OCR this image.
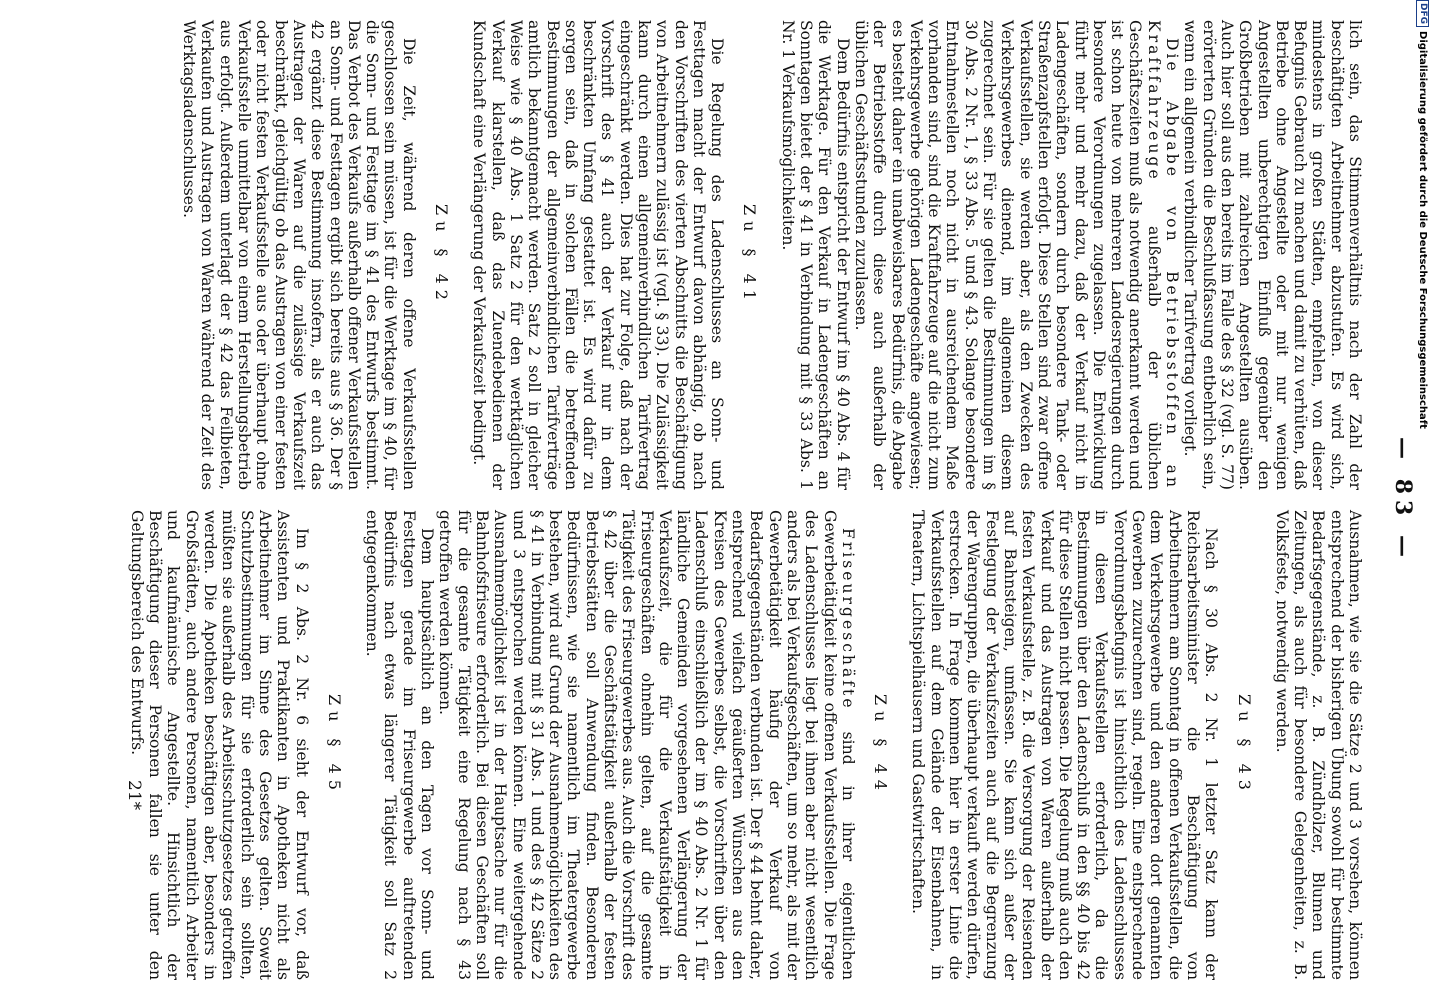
— 83 —

lich sein, das Stimmenverhältnis nach der Zahl der beschäftigten Arbeitnehmer abzustufen. Es wird sich, mindestens in großen Städten, empfehlen, von dieser Befugnis Gebrauch zu machen und damit zu verhüten, daß Betriebe ohne Angestellte oder mit nur wenigen Angestellten unberechtigten Einfluß gegenüber den Großbetrieben mit zahlreichen Angestellten ausüben. Auch hier soll aus den bereits im Falle des § 32 (vgl. S. 77) erörterten Gründen die Beschlußfassung entbehrlich sein, wenn ein allgemein verbindlicher Tarifvertrag vorliegt.

Die Abgabe von Betriebsstoffen an Kraftfahrzeuge außerhalb der üblichen Geschäftszeiten muß als notwendig anerkannt werden und ist schon heute von mehreren Landesregierungen durch besondere Verordnungen zugelassen. Die Entwicklung führt mehr und mehr dazu, daß der Verkauf nicht in Ladengeschäften, sondern durch besondere Tank- oder Straßenzapfstellen erfolgt. Diese Stellen sind zwar offene Verkaufsstellen, sie werden aber, als den Zwecken des Verkehrsgewerbes dienend, im allgemeinen diesem zugerechnet sein. Für sie gelten die Bestimmungen im § 30 Abs. 2 Nr. 1, § 33 Abs. 5 und § 43. Solange besondere Entnahmestellen noch nicht in ausreichendem Maße vorhanden sind, sind die Kraftfahrzeuge auf die nicht zum Verkehrsgewerbe gehörigen Ladengeschäfte angewiesen; es besteht daher ein unabweisbares Bedürfnis, die Abgabe der Betriebsstoffe durch diese auch außerhalb der üblichen Geschäftsstunden zuzulassen.

Dem Bedürfnis entspricht der Entwurf im § 40 Abs. 4 für die Werktage. Für den Verkauf in Ladengeschäften an Sonntagen bietet der § 41 in Verbindung mit § 33 Abs. 1 Nr. 1 Verkaufsmöglichkeiten.

Zu § 41

Die Regelung des Ladenschlusses an Sonn- und Festtagen macht der Entwurf davon abhängig, ob nach den Vorschriften des vierten Abschnitts die Beschäftigung von Arbeitnehmern zulässig ist (vgl. § 33). Die Zulässigkeit kann durch einen allgemeinverbindlichen Tarifvertrag eingeschränkt werden. Dies hat zur Folge, daß nach der Vorschrift des § 41 auch der Verkauf nur in dem beschränkten Umfang gestattet ist. Es wird dafür zu sorgen sein, daß in solchen Fällen die betreffenden Bestimmungen der allgemeinverbindlichen Tarifverträge amtlich bekanntgemacht werden. Satz 2 soll in gleicher Weise wie § 40 Abs. 1 Satz 2 für den werktäglichen Verkauf klarstellen, daß das Zuendebedienen der Kundschaft eine Verlängerung der Verkaufszeit bedingt.

Zu § 42

Die Zeit, während deren offene Verkaufsstellen geschlossen sein müssen, ist für die Werktage im § 40, für die Sonn- und Festtage im § 41 des Entwurfs bestimmt. Das Verbot des Verkaufs außerhalb offener Verkaufsstellen an Sonn- und Festtagen ergibt sich bereits aus § 36. Der § 42 ergänzt diese Bestimmung insofern, als er auch das Austragen der Waren auf die zulässige Verkaufszeit beschränkt, gleichgültig ob das Austragen von einer festen oder nicht festen Verkaufsstelle aus oder überhaupt ohne Verkaufsstelle unmittelbar von einem Herstellungsbetrieb aus erfolgt. Außerdem unterlagt der § 42 das Feilbieten, Verkaufen und Austragen von Waren während der Zeit des Werktagsladenschlusses.

Ausnahmen, wie sie die Sätze 2 und 3 vorsehen, können entsprechend der bisherigen Übung sowohl für bestimmte Bedarfsgegenstände, z. B. Zündhölzer, Blumen und Zeitungen, als auch für besondere Gelegenheiten, z. B. Volksfeste, notwendig werden.

Zu § 43

Nach § 30 Abs. 2 Nr. 1 letzter Satz kann der Reichsarbeitsminister die Beschäftigung von Arbeitnehmern am Sonntag in offenen Verkaufsstellen, die dem Verkehrsgewerbe und den anderen dort genannten Gewerben zuzurechnen sind, regeln. Eine entsprechende Verordnungsbefugnis ist hinsichtlich des Ladenschlusses in diesen Verkaufsstellen erforderlich, da die Bestimmungen über den Ladenschluß in den §§ 40 bis 42 für diese Stellen nicht passen. Die Regelung muß auch den Verkauf und das Austragen von Waren außerhalb der festen Verkaufsstelle, z. B. die Versorgung der Reisenden auf Bahnsteigen, umfassen. Sie kann sich außer der Festlegung der Verkaufszeiten auch auf die Begrenzung der Warengruppen, die überhaupt verkauft werden dürfen, erstrecken. In Frage kommen hier in erster Linie die Verkaufsstellen auf dem Gelände der Eisenbahnen, in Theatern, Lichtspielhäusern und Gastwirtschaften.

Zu § 44

Friseurgeschäfte sind in ihrer eigentlichen Gewerbetätigkeit keine offenen Verkaufsstellen. Die Frage des Ladenschlusses liegt bei ihnen aber nicht wesentlich anders als bei Verkaufsgeschäften, um so mehr, als mit der Gewerbetätigkeit häufig der Verkauf von Bedarfsgegenständen verbunden ist. Der § 44 behnt daher, entsprechend vielfach geäußerten Wünschen aus den Kreisen des Gewerbes selbst, die Vorschriften über den Ladenschluß einschließlich der im § 40 Abs. 2 Nr. 1 für ländliche Gemeinden vorgesehenen Verlängerung der Verkaufszeit, die für die Verkaufstätigkeit in Friseurgeschäften ohnehin gelten, auf die gesamte Tätigkeit des Friseurgewerbes aus. Auch die Vorschrift des § 42 über die Geschäftstätigkeit außerhalb der festen Betriebsstätten soll Anwendung finden. Besonderen Bedürfnissen, wie sie namentlich im Theatergewerbe bestehen, wird auf Grund der Ausnahmemöglichkeiten des § 41 in Verbindung mit § 31 Abs. 1 und des § 42 Sätze 2 und 3 entsprochen werden können. Eine weitergehende Ausnahmemöglichkeit ist in der Hauptsache nur für die Bahnhofsfriseure erforderlich. Bei diesen Geschäften soll für die gesamte Tätigkeit eine Regelung nach § 43 getroffen werden können.

Dem hauptsächlich an den Tagen vor Sonn- und Festtagen gerade im Friseurgewerbe auftretenden Bedürfnis nach etwas längerer Tätigkeit soll Satz 2 entgegenkommen.

Zu § 45

Im § 2 Abs. 2 Nr. 6 sieht der Entwurf vor, daß Assistenten und Praktikanten in Apotheken nicht als Arbeitnehmer im Sinne des Gesetzes gelten. Soweit Schutzbestimmungen für sie erforderlich sein sollten, müßten sie außerhalb des Arbeitsschutzgesetzes getroffen werden. Die Apotheken beschäftigen aber, besonders in Großstädten, auch andere Personen, namentlich Arbeiter und kaufmännische Angestellte. Hinsichtlich der Beschäftigung dieser Personen fallen sie unter den Geltungsbereich des Entwurfs.

21*
DFGDigitalisierung gefördert durch die Deutsche Forschungsgemeinschaft
